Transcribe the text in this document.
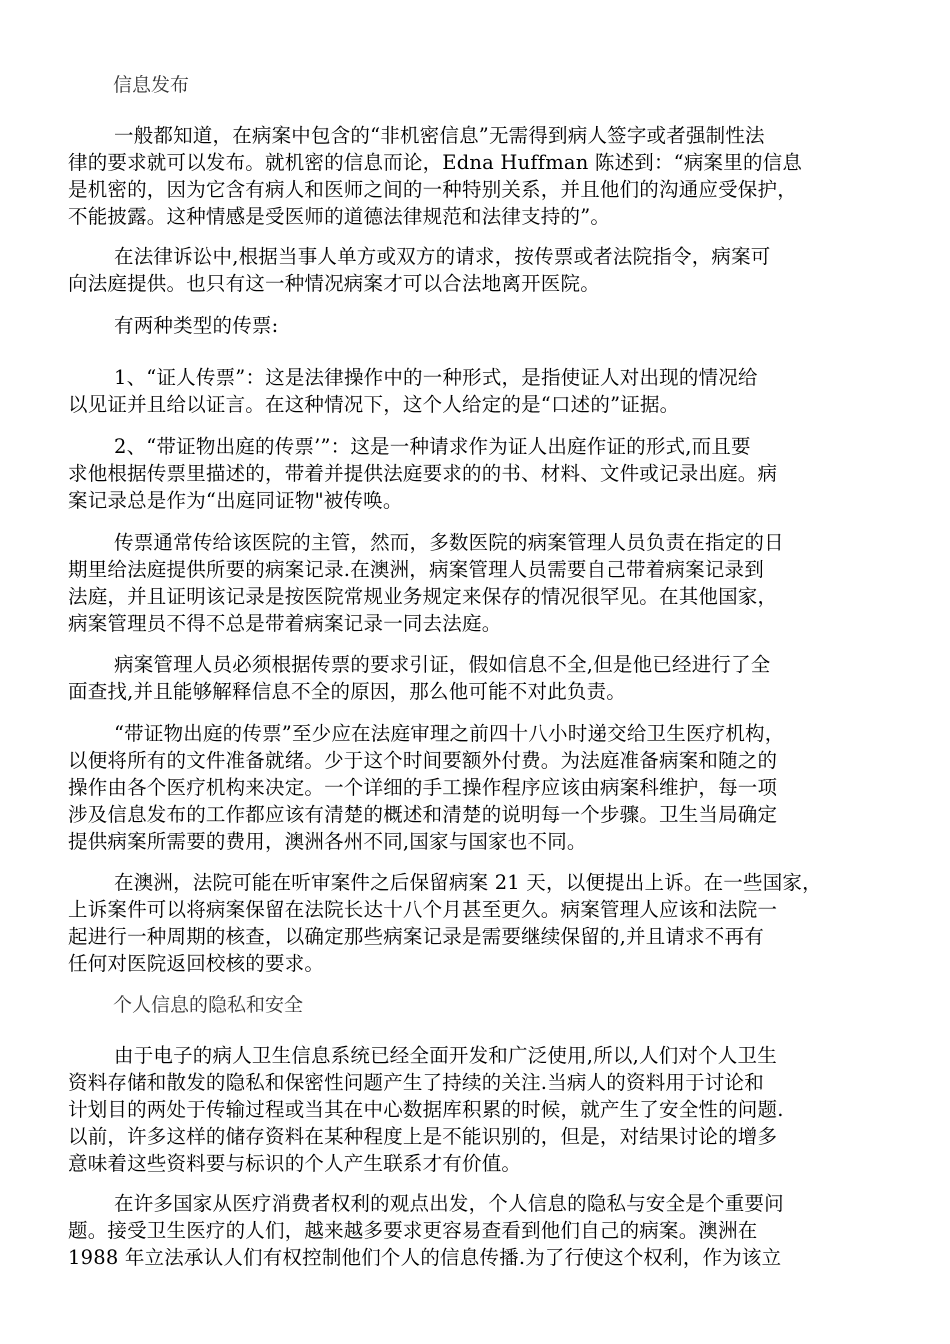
信息发布
一般都知道，在病案中包含的“非机密信息”无需得到病人签字或者强制性法
律的要求就可以发布。就机密的信息而论，Edna Huffman 陈述到：“病案里的信息
是机密的，因为它含有病人和医师之间的一种特别关系，并且他们的沟通应受保护，
不能披露。这种情感是受医师的道德法律规范和法律支持的”。
在法律诉讼中,根据当事人单方或双方的请求，按传票或者法院指令，病案可
向法庭提供。也只有这一种情况病案才可以合法地离开医院。
有两种类型的传票:
1、“证人传票”：这是法律操作中的一种形式，是指使证人对出现的情况给
以见证并且给以证言。在这种情况下，这个人给定的是“口述的”证据。
2、“带证物出庭的传票’”：这是一种请求作为证人出庭作证的形式,而且要
求他根据传票里描述的，带着并提供法庭要求的的书、材料、文件或记录出庭。病
案记录总是作为“出庭同证物"被传唤。
传票通常传给该医院的主管，然而，多数医院的病案管理人员负责在指定的日
期里给法庭提供所要的病案记录.在澳洲，病案管理人员需要自己带着病案记录到
法庭，并且证明该记录是按医院常规业务规定来保存的情况很罕见。在其他国家，
病案管理员不得不总是带着病案记录一同去法庭。
病案管理人员必须根据传票的要求引证，假如信息不全,但是他已经进行了全
面查找,并且能够解释信息不全的原因，那么他可能不对此负责。
“带证物出庭的传票”至少应在法庭审理之前四十八小时递交给卫生医疗机构，
以便将所有的文件准备就绪。少于这个时间要额外付费。为法庭准备病案和随之的
操作由各个医疗机构来决定。一个详细的手工操作程序应该由病案科维护，每一项
涉及信息发布的工作都应该有清楚的概述和清楚的说明每一个步骤。卫生当局确定
提供病案所需要的费用，澳洲各州不同,国家与国家也不同。
在澳洲，法院可能在听审案件之后保留病案 21 天，以便提出上诉。在一些国家，
上诉案件可以将病案保留在法院长达十八个月甚至更久。病案管理人应该和法院一
起进行一种周期的核查，以确定那些病案记录是需要继续保留的,并且请求不再有
任何对医院返回校核的要求。
个人信息的隐私和安全
由于电子的病人卫生信息系统已经全面开发和广泛使用,所以,人们对个人卫生
资料存储和散发的隐私和保密性问题产生了持续的关注.当病人的资料用于讨论和
计划目的两处于传输过程或当其在中心数据库积累的时候，就产生了安全性的问题.
以前，许多这样的储存资料在某种程度上是不能识别的，但是，对结果讨论的增多
意味着这些资料要与标识的个人产生联系才有价值。
在许多国家从医疗消费者权利的观点出发，个人信息的隐私与安全是个重要问
题。接受卫生医疗的人们，越来越多要求更容易查看到他们自己的病案。澳洲在
1988 年立法承认人们有权控制他们个人的信息传播.为了行使这个权利，作为该立
